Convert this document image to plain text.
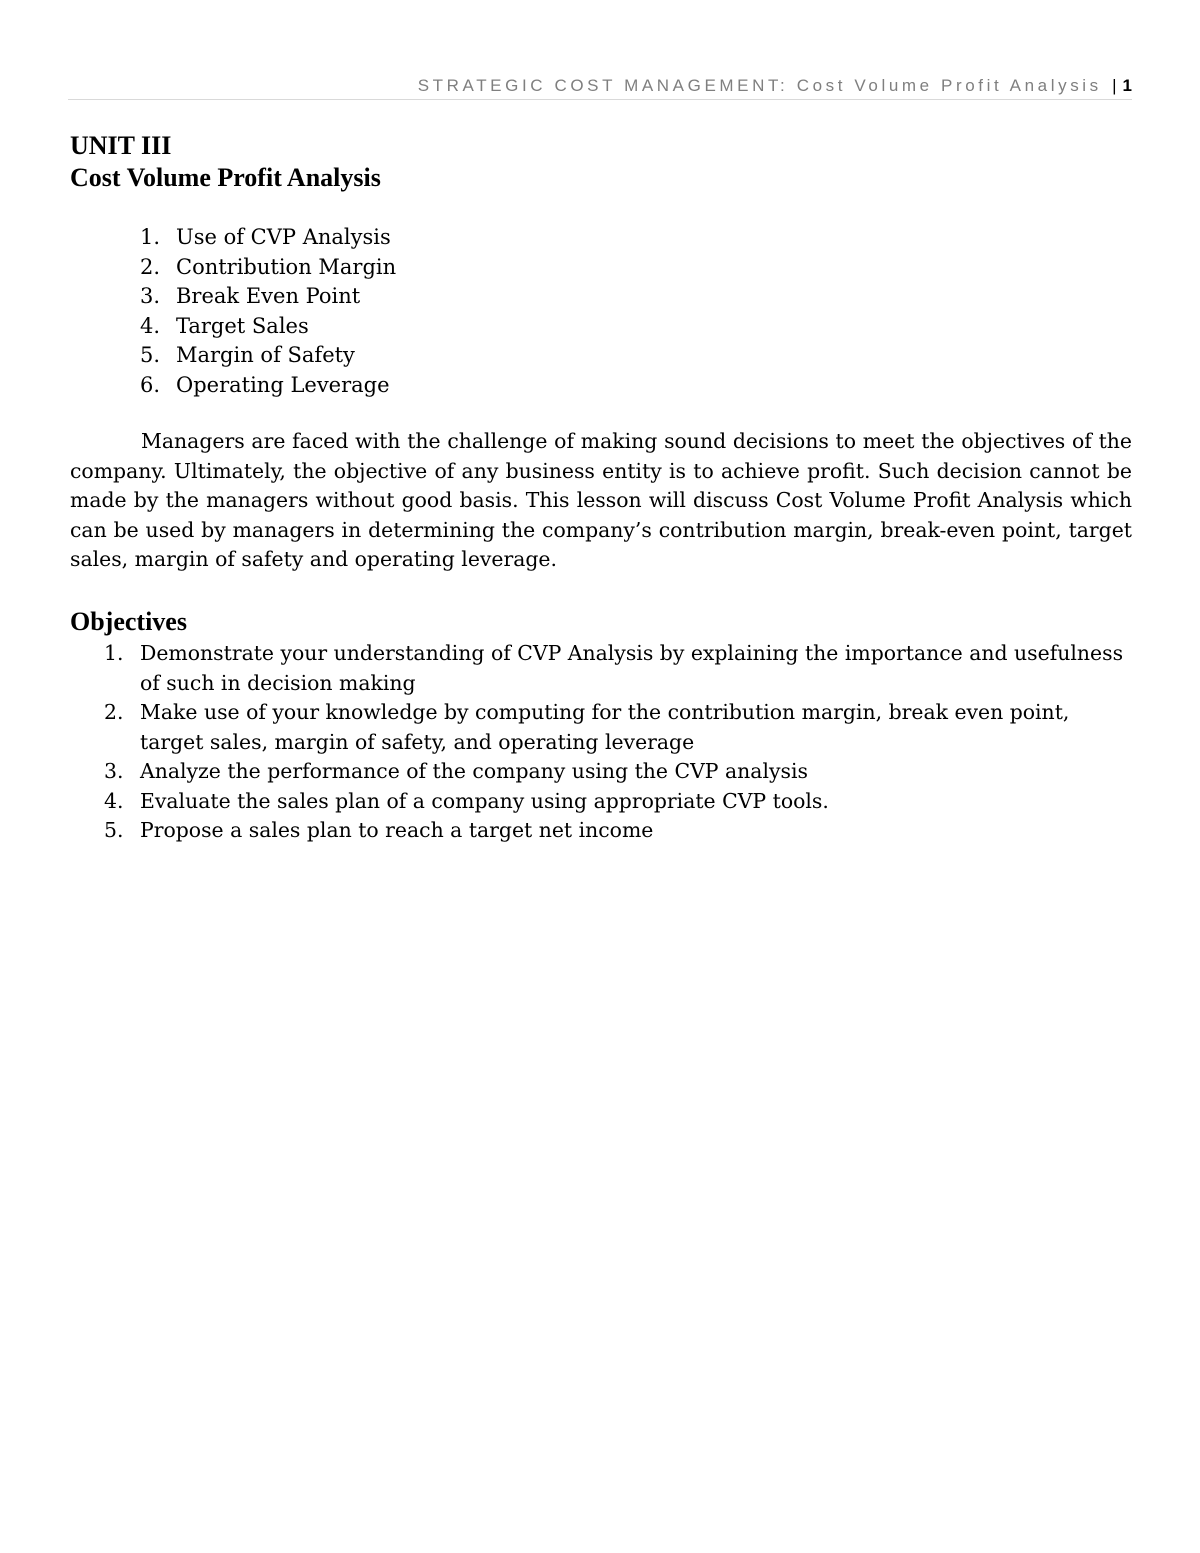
STRATEGIC COST MANAGEMENT: Cost Volume Profit Analysis | 1
UNIT III
Cost Volume Profit Analysis
1. Use of CVP Analysis
2. Contribution Margin
3. Break Even Point
4. Target Sales
5. Margin of Safety
6. Operating Leverage

Managers are faced with the challenge of making sound decisions to meet the objectives of the company. Ultimately, the objective of any business entity is to achieve profit. Such decision cannot be made by the managers without good basis. This lesson will discuss Cost Volume Profit Analysis which can be used by managers in determining the company’s contribution margin, break-even point, target sales, margin of safety and operating leverage.

Objectives
1. Demonstrate your understanding of CVP Analysis by explaining the importance and usefulness of such in decision making
2. Make use of your knowledge by computing for the contribution margin, break even point, target sales, margin of safety, and operating leverage
3. Analyze the performance of the company using the CVP analysis
4. Evaluate the sales plan of a company using appropriate CVP tools.
5. Propose a sales plan to reach a target net income
